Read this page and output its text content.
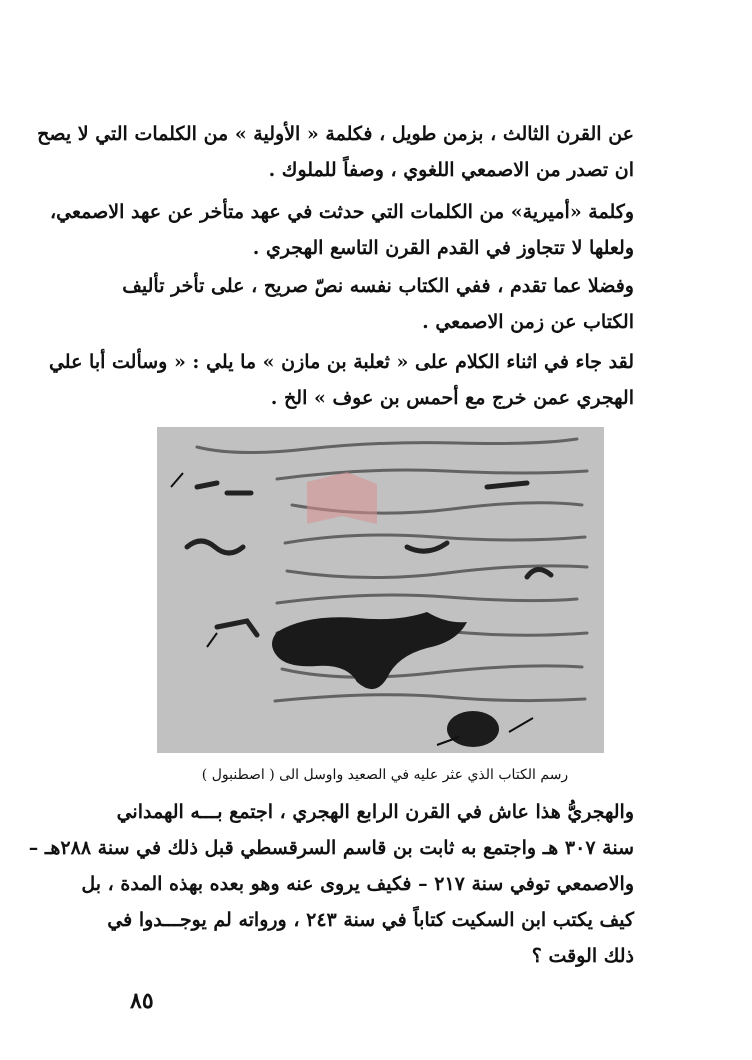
عن القرن الثالث ، بزمن طويل ، فكلمة « الأولية » من الكلمات التي لا يصح
ان تصدر من الاصمعي اللغوي ، وصفاً للملوك .
وكلمة «أميرية» من الكلمات التي حدثت في عهد متأخر عن عهد الاصمعي،
ولعلها لا تتجاوز في القدم القرن التاسع الهجري .
وفضلا عما تقدم ، ففي الكتاب نفسه نصّ صريح ، على تأخر تأليف
الكتاب عن زمن الاصمعي .
لقد جاء في اثناء الكلام على « ثعلبة بن مازن » ما يلي : « وسألت أبا علي
الهجري عمن خرج مع أحمس بن عوف » الخ .
رسم الكتاب الذي عثر عليه في الصعيد واوسل الى ( اصطنبول )
والهجريُّ هذا عاش في القرن الرابع الهجري ، اجتمع بـــه الهمداني
سنة ٣٠٧ هـ واجتمع به ثابت بن قاسم السرقسطي قبل ذلك في سنة ٢٨٨هـ –
والاصمعي توفي سنة ٢١٧ – فكيف يروى عنه وهو بعده بهذه المدة ، بل
كيف يكتب ابن السكيت كتاباً في سنة ٢٤٣ ، ورواته لم يوجـــدوا في
ذلك الوقت ؟
٨٥
